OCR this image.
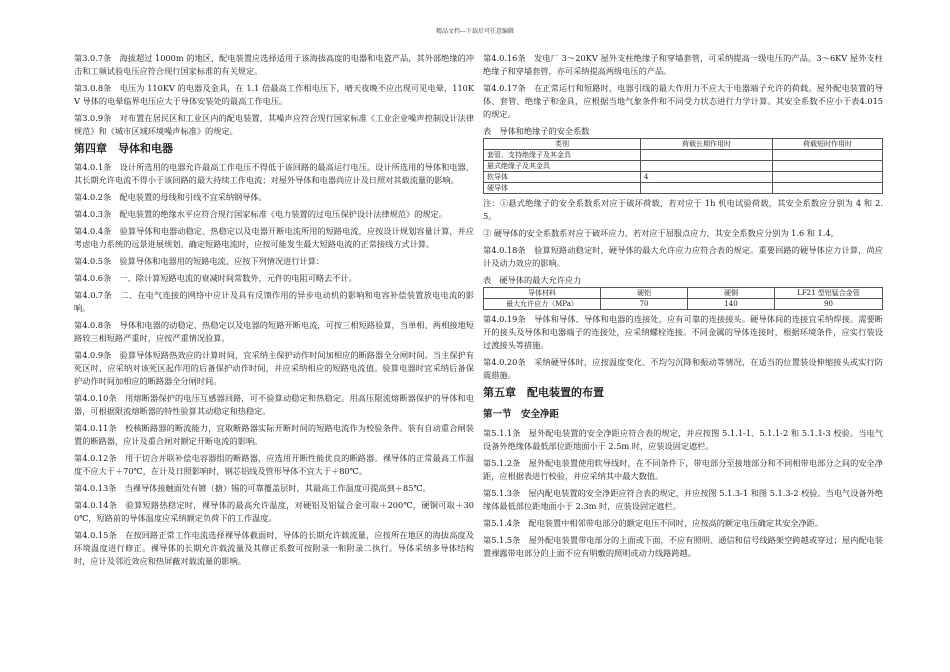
精品文档---下载后可任意编辑

第3.0.7条　海拔超过 1000m 的地区，配电装置应选择适用于该海拔高度的电器和电瓷产品，其外部绝缘的冲击和工频试验电压应符合现行国家标准的有关规定。

第3.0.8条　电压为 110KV 的电器及金具，在 1.1 倍最高工作相电压下，晴天夜晚不应出现可见电晕，110KV 导体的电晕临界电压应大于导体安装处的最高工作电压。

第3.0.9条　对布置在居民区和工业区内的配电装置，其噪声应符合现行国家标准《工业企业噪声控制设计法律规范》和《城市区域环境噪声标准》的规定。

第四章　导体和电器

第4.0.1条　设计所选用的电器允许最高工作电压不得低于该回路的最高运行电压。设计所选用的导体和电器，其长期允许电流不得小于该回路的最大持续工作电流；对屋外导体和电器尚应计及日照对其载流量的影响。

第4.0.2条　配电装置的母线和引线不宜采纳钢导体。

第4.0.3条　配电装置的绝缘水平应符合现行国家标准《电力装置的过电压保护设计法律规范》的规定。

第4.0.4条　验算导体和电器动稳定、热稳定以及电器开断电流所用的短路电流，应按设计规划容量计算，并应考虑电力系统的远景进展规划。确定短路电流时，应按可能发生最大短路电流的正常接线方式计算。

第4.0.5条　验算导体和电器用的短路电流，应按下列情况进行计算：

第4.0.6条　一、除计算短路电流的衰减时间常数外，元件的电阻可略去不计。

第4.0.7条　二、在电气连接的网络中应计及具有反馈作用的异步电动机的影响和电容补偿装置放电电流的影响。

第4.0.8条　导体和电器的动稳定、热稳定以及电器的短路开断电流，可按三相短路验算，当单相、两相接地短路较三相短路严重时，应按严重情况验算。

第4.0.9条　验算导体短路热效应的计算时间，宜采纳主保护动作时间加相应的断路器全分闸时间。当主保护有死区时，应采纳对该死区起作用的后备保护动作时间，并应采纳相应的短路电流值。验算电器时宜采纳后备保护动作时间加相应的断路器全分闸时间。

第4.0.10条　用熔断器保护的电压互感器回路，可不验算动稳定和热稳定。用高压限流熔断器保护的导体和电器，可根据限流熔断器的特性验算其动稳定和热稳定。

第4.0.11条　校核断路器的断流能力，宜取断路器实际开断时间的短路电流作为校验条件。装有自动重合闸装置的断路器，应计及重合闸对额定开断电流的影响。

第4.0.12条　用于切合并联补偿电容器组的断路器，应选用开断性能优良的断路器。裸导体的正常最高工作温度不应大于＋70℃，在计及日照影响时，钢芯铝线及管形导体不宜大于＋80℃。

第4.0.13条　当裸导体接触面处有镀（搪）锡的可靠覆盖层时，其最高工作温度可提高到＋85℃。

第4.0.14条　验算短路热稳定时，裸导体的最高允许温度，对硬铝及铝锰合金可取＋200℃，硬铜可取＋300℃，短路前的导体温度应采纳额定负荷下的工作温度。

第4.0.15条　在按回路正常工作电流选择裸导体截面时，导体的长期允许载流量，应按所在地区的海拔高度及环境温度进行修正。裸导体的长期允许载流量及其修正系数可按附录一和附录二执行。导体采纳多导体结构时，应计及邻近效应和热屏蔽对载流量的影响。

第4.0.16条　发电厂 3～20KV 屋外支柱绝缘子和穿墙套管，可采纳提高一级电压的产品。3～6KV 屋外支柱绝缘子和穿墙套管，亦可采纳提高两级电压的产品。

第4.0.17条　在正常运行和短路时，电器引线的最大作用力不应大于电器端子允许的荷载。屋外配电装置的导体、套管、绝缘子和金具，应根据当地气象条件和不同受力状态进行力学计算。其安全系数不应小于表4.015 的规定。

表　导体和绝缘子的安全系数
类别	荷载长期作用时	荷载短时作用时
套管、支持绝缘子及其金具		
悬式绝缘子及其金具		
软导体	4	
硬导体		

注：①悬式绝缘子的安全系数系对应于破坏荷载，若对应于 1h 机电试验荷载，其安全系数应分别为 4 和 2.5。

② 硬导体的安全系数系对应于破坏应力，若对应于屈服点应力，其安全系数应分别为 1.6 和 1.4。

第4.0.18条　验算短路动稳定时，硬导体的最大允许应力应符合表的规定。重要回路的硬导体应力计算，尚应计及动力效应的影响。

表　硬导体的最大允许应力
导体材料	硬铝	硬铜	LF21 型铝锰合金管
最大允许应力（MPa）	70	140	90

第4.0.19条　导体和导体、导体和电器的连接处，应有可靠的连接接头。硬导体间的连接宜采纳焊接。需要断开的接头及导体和电器端子的连接处，应采纳螺栓连接。不同金属的导体连接时，根据环境条件，应实行装设过渡接头等措施。

第4.0.20条　采纳硬导体时，应按温度变化、不均匀沉降和振动等情况，在适当的位置装设伸缩接头或实行防震措施。

第五章　配电装置的布置
第一节　安全净距

第5.1.1条　屋外配电装置的安全净距应符合表的规定，并应按图 5.1.1-1、5.1.1-2 和 5.1.1-3 校验。当电气设备外绝缘体最低部位距地面小于 2.5m 时，应装设固定遮栏。

第5.1.2条　屋外配电装置使用软导线时，在不同条件下，带电部分至接地部分和不同相带电部分之间的安全净距，应根据表进行校验，并应采纳其中最大数值。

第5.1.3条　屋内配电装置的安全净距应符合表的规定，并应按图 5.1.3-1 和图 5.1.3-2 校验。当电气设备外绝缘体最低部位距地面小于 2.3m 时，应装设固定遮栏。

第5.1.4条　配电装置中相邻带电部分的额定电压不同时，应按高的额定电压确定其安全净距。

第5.1.5条　屋外配电装置带电部分的上面或下面，不应有照明、通信和信号线路架空跨越或穿过；屋内配电装置裸露带电部分的上面不应有明敷的照明或动力线路跨越。
